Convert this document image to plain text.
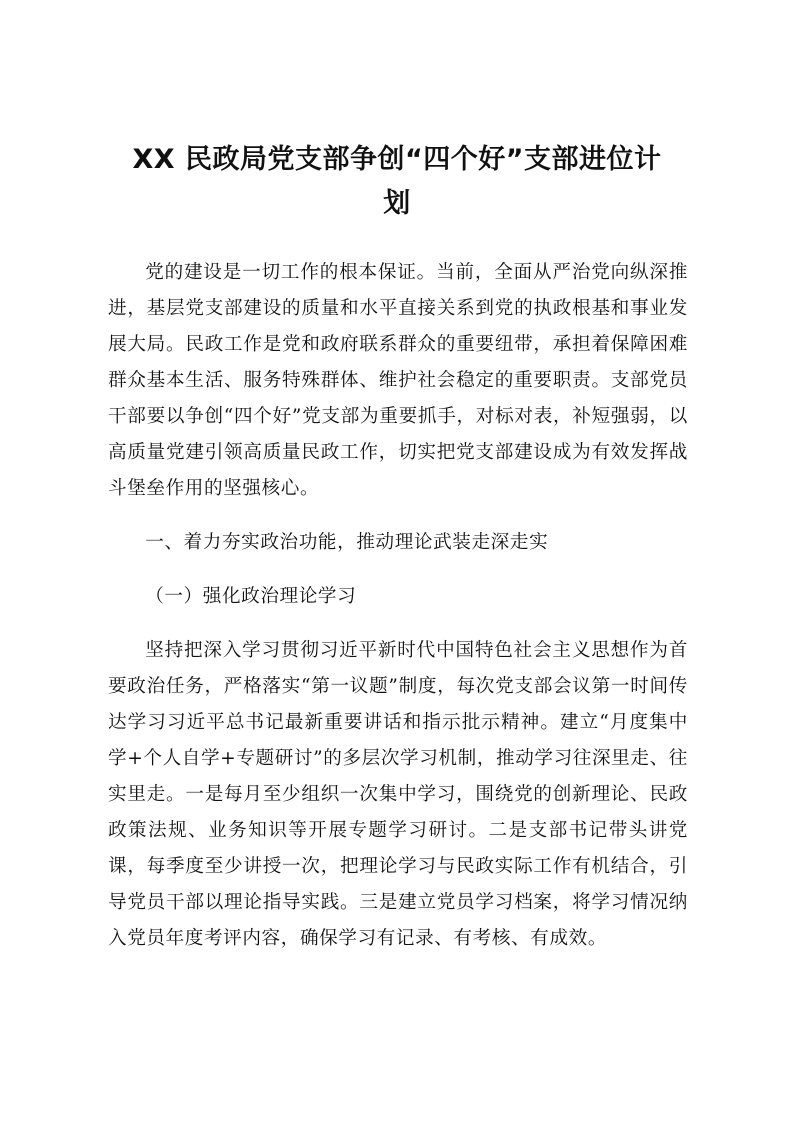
XX 民政局党支部争创“四个好”支部进位计
划

党的建设是一切工作的根本保证。当前，全面从严治党向纵深推进，基层党支部建设的质量和水平直接关系到党的执政根基和事业发展大局。民政工作是党和政府联系群众的重要纽带，承担着保障困难群众基本生活、服务特殊群体、维护社会稳定的重要职责。支部党员干部要以争创“四个好”党支部为重要抓手，对标对表，补短强弱，以高质量党建引领高质量民政工作，切实把党支部建设成为有效发挥战斗堡垒作用的坚强核心。

一、着力夯实政治功能，推动理论武装走深走实

（一）强化政治理论学习

坚持把深入学习贯彻习近平新时代中国特色社会主义思想作为首要政治任务，严格落实“第一议题”制度，每次党支部会议第一时间传达学习习近平总书记最新重要讲话和指示批示精神。建立“月度集中学+个人自学+专题研讨”的多层次学习机制，推动学习往深里走、往实里走。一是每月至少组织一次集中学习，围绕党的创新理论、民政政策法规、业务知识等开展专题学习研讨。二是支部书记带头讲党课，每季度至少讲授一次，把理论学习与民政实际工作有机结合，引导党员干部以理论指导实践。三是建立党员学习档案，将学习情况纳入党员年度考评内容，确保学习有记录、有考核、有成效。
